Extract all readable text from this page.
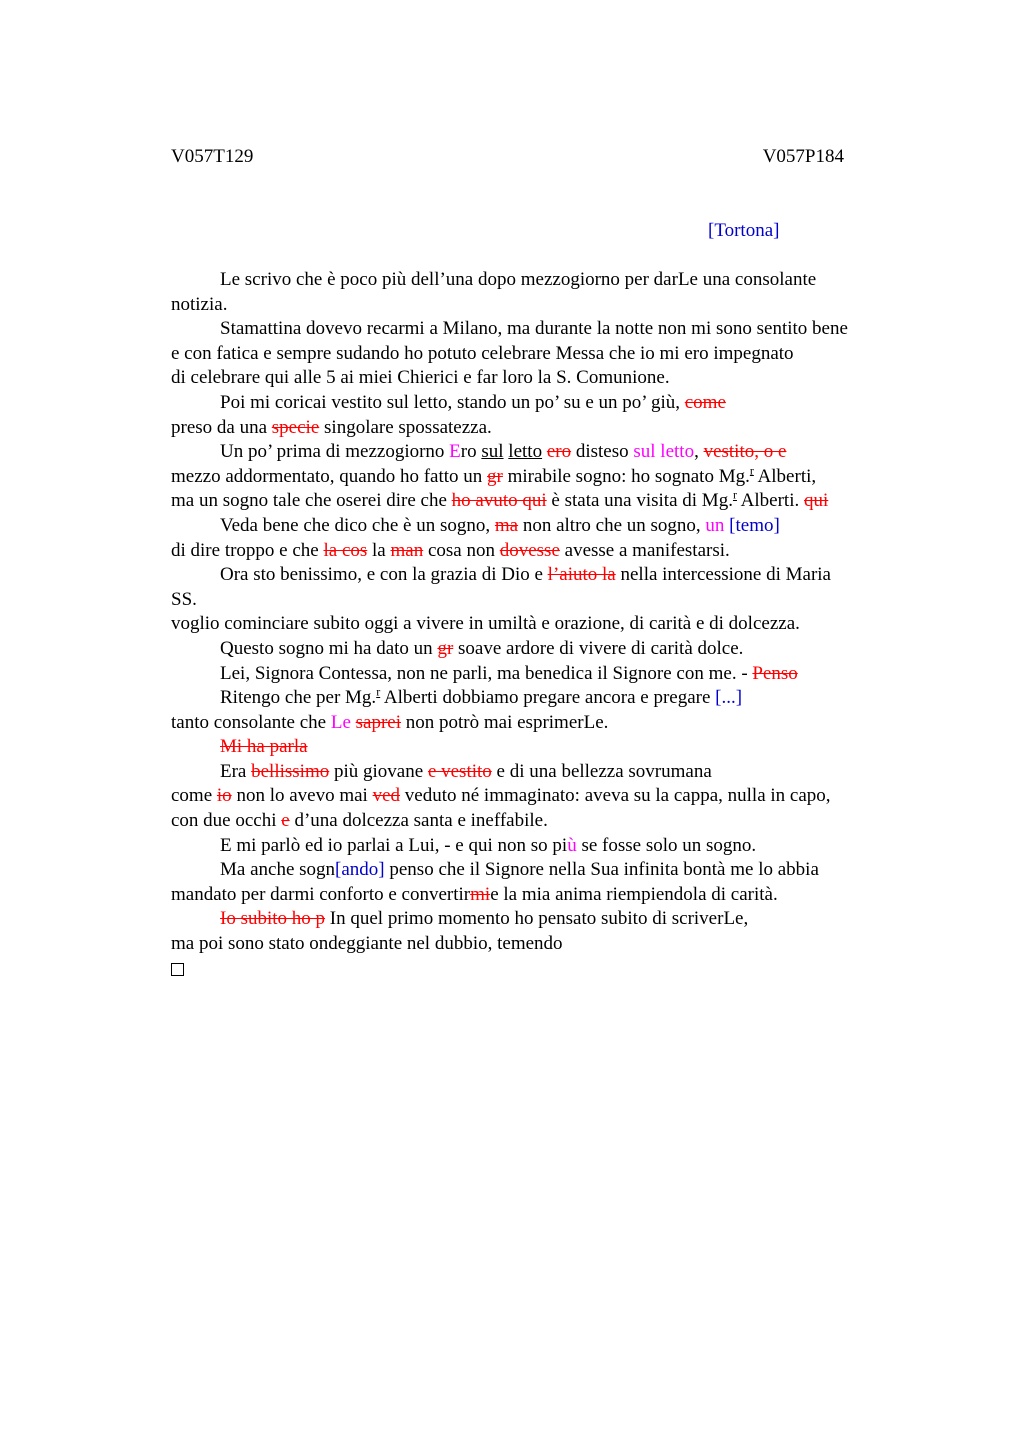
V057T129	V057P184
[Tortona]
Le scrivo che è poco più dell’una dopo mezzogiorno per darLe una consolante
notizia.
Stamattina dovevo recarmi a Milano, ma durante la notte non mi sono sentito bene
e con fatica e sempre sudando ho potuto celebrare Messa che io mi ero impegnato
di celebrare qui alle 5 ai miei Chierici e far loro la S. Comunione.
Poi mi coricai vestito sul letto, stando un po’ su e un po’ giù, come
preso da una specie singolare spossatezza.
Un po’ prima di mezzogiorno Ero sul letto ero disteso sul letto, vestito, o e
mezzo addormentato, quando ho fatto un gr mirabile sogno: ho sognato Mg.$^r$ Alberti,
ma un sogno tale che oserei dire che ho avuto qui è stata una visita di Mg.$^r$ Alberti. qui
Veda bene che dico che è un sogno, ma non altro che un sogno, un [temo]
di dire troppo e che la cos la man cosa non dovesse avesse a manifestarsi.
Ora sto benissimo, e con la grazia di Dio e l’aiuto la nella intercessione di Maria
SS.
voglio cominciare subito oggi a vivere in umiltà e orazione, di carità e di dolcezza.
Questo sogno mi ha dato un gr soave ardore di vivere di carità dolce.
Lei, Signora Contessa, non ne parli, ma benedica il Signore con me. - Penso
Ritengo che per Mg.$^r$ Alberti dobbiamo pregare ancora e pregare [...]
tanto consolante che Le saprei non potrò mai esprimerLe.
Mi ha parla
Era bellissimo più giovane e vestito e di una bellezza sovrumana
come io non lo avevo mai ved veduto né immaginato: aveva su la cappa, nulla in capo,
con due occhi e d’una dolcezza santa e ineffabile.
E mi parlò ed io parlai a Lui, - e qui non so più se fosse solo un sogno.
Ma anche sogn[ando] penso che il Signore nella Sua infinita bontà me lo abbia
mandato per darmi conforto e convertirmie la mia anima riempiendola di carità.
Io subito ho p In quel primo momento ho pensato subito di scriverLe,
ma poi sono stato ondeggiante nel dubbio, temendo
